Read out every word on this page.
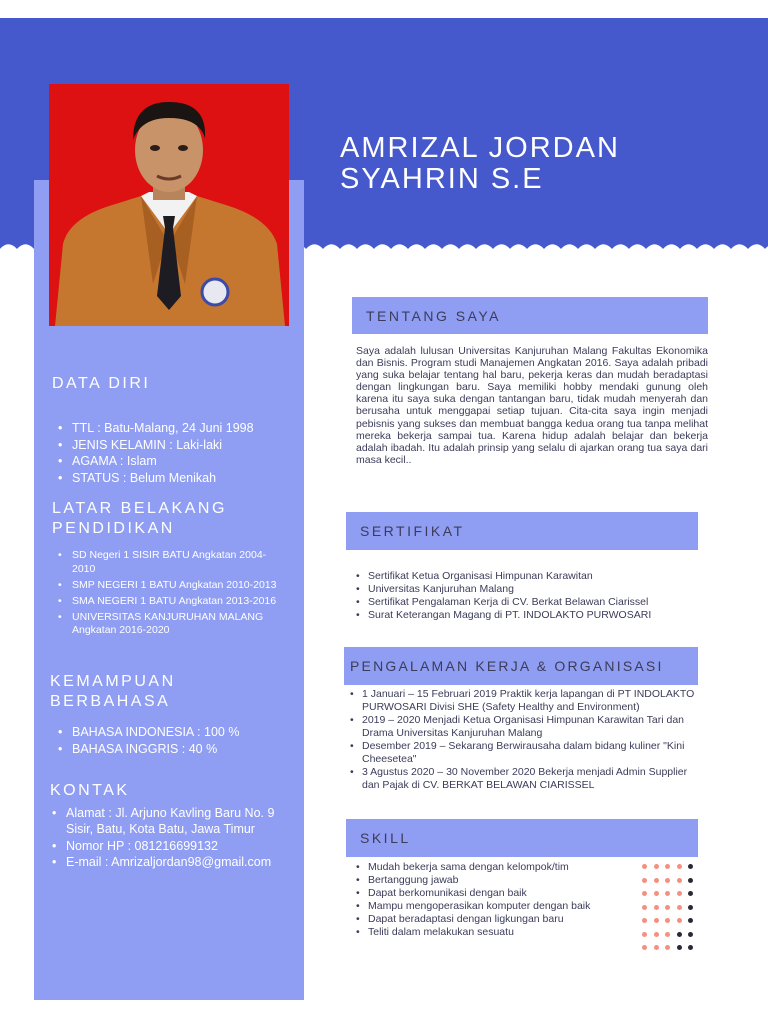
AMRIZAL JORDAN
SYAHRIN S.E
DATA DIRI
• TTL : Batu-Malang, 24 Juni 1998
• JENIS KELAMIN : Laki-laki
• AGAMA : Islam
• STATUS : Belum Menikah
LATAR BELAKANG
PENDIDIKAN
• SD Negeri 1 SISIR BATU Angkatan 2004-2010
• SMP NEGERI 1 BATU Angkatan 2010-2013
• SMA NEGERI 1 BATU Angkatan 2013-2016
• UNIVERSITAS KANJURUHAN MALANG Angkatan 2016-2020
KEMAMPUAN
BERBAHASA
• BAHASA INDONESIA : 100 %
• BAHASA INGGRIS : 40 %
KONTAK
• Alamat : Jl. Arjuno Kavling Baru No. 9 Sisir, Batu, Kota Batu, Jawa Timur
• Nomor HP : 081216699132
• E-mail : Amrizaljordan98@gmail.com
TENTANG SAYA

Saya adalah lulusan Universitas Kanjuruhan Malang Fakultas Ekonomika dan Bisnis. Program studi Manajemen Angkatan 2016. Saya adalah pribadi yang suka belajar tentang hal baru, pekerja keras dan mudah beradaptasi dengan lingkungan baru. Saya memiliki hobby mendaki gunung oleh karena itu saya suka dengan tantangan baru, tidak mudah menyerah dan berusaha untuk menggapai setiap tujuan. Cita-cita saya ingin menjadi pebisnis yang sukses dan membuat bangga kedua orang tua tanpa melihat mereka bekerja sampai tua. Karena hidup adalah belajar dan bekerja adalah ibadah. Itu adalah prinsip yang selalu di ajarkan orang tua saya dari masa kecil..

SERTIFIKAT
• Sertifikat Ketua Organisasi Himpunan Karawitan
• Universitas Kanjuruhan Malang
• Sertifikat Pengalaman Kerja di CV. Berkat Belawan Ciarissel
• Surat Keterangan Magang di PT. INDOLAKTO PURWOSARI
PENGALAMAN KERJA & ORGANISASI
• 1 Januari – 15 Februari 2019 Praktik kerja lapangan di PT INDOLAKTO PURWOSARI Divisi SHE (Safety Healthy and Environment)
• 2019 – 2020 Menjadi Ketua Organisasi Himpunan Karawitan Tari dan Drama Universitas Kanjuruhan Malang
• Desember 2019 – Sekarang Berwirausaha dalam bidang kuliner "Kini Cheesetea"
• 3 Agustus 2020 – 30 November 2020 Bekerja menjadi Admin Supplier dan Pajak di CV. BERKAT BELAWAN CIARISSEL
SKILL
• Mudah bekerja sama dengan kelompok/tim
• Bertanggung jawab
• Dapat berkomunikasi dengan baik
• Mampu mengoperasikan komputer dengan baik
• Dapat beradaptasi dengan ligkungan baru
• Teliti dalam melakukan sesuatu
